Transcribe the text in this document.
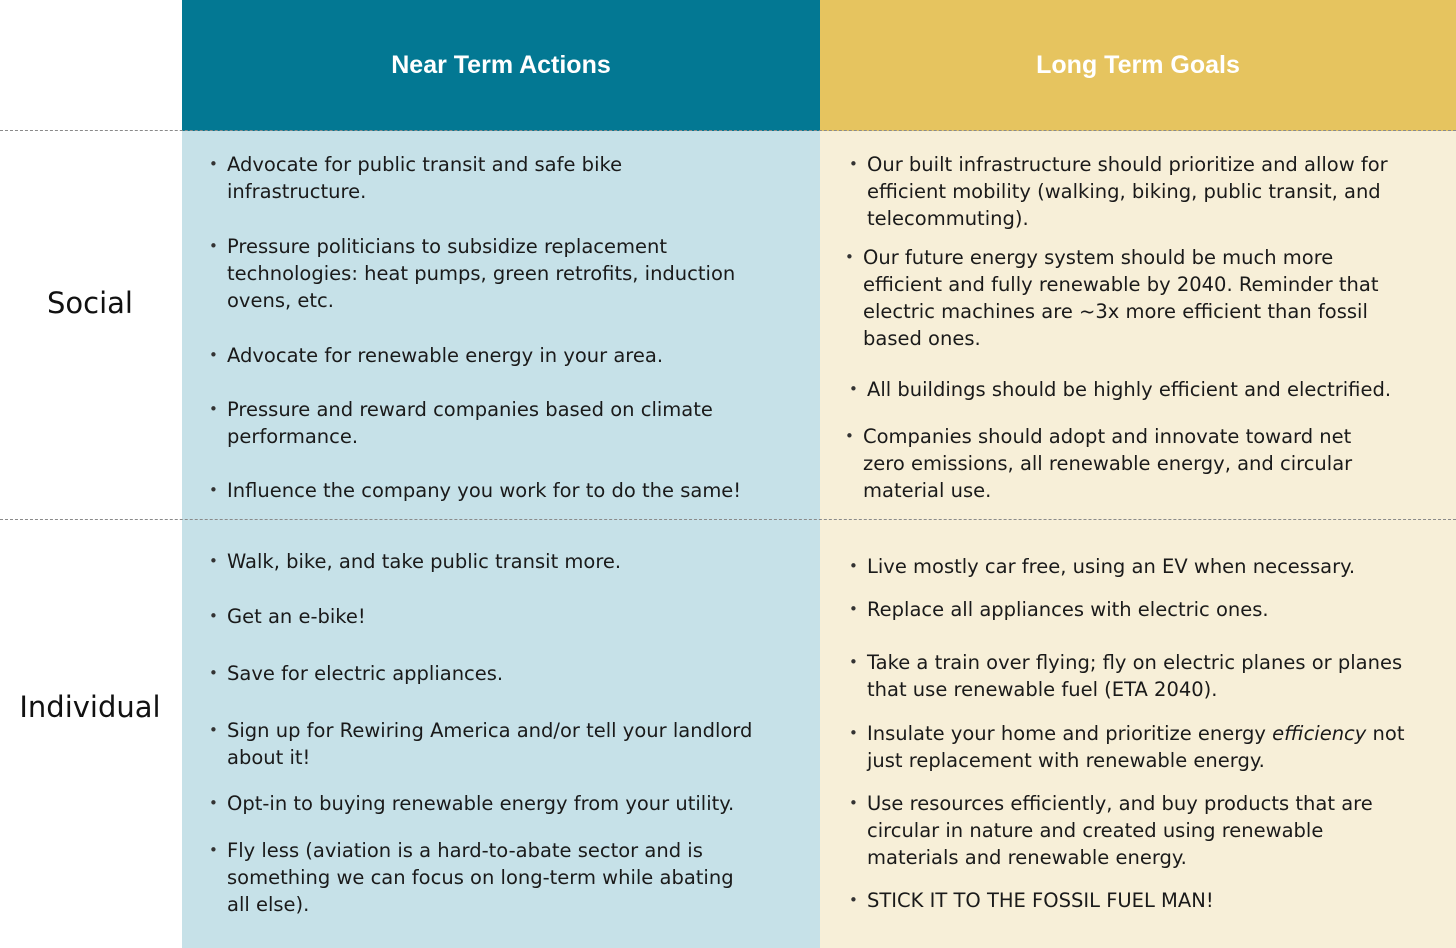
Near Term Actions	Long Term Goals
Social
Individual
• Advocate for public transit and safe bike
infrastructure.
• Pressure politicians to subsidize replacement
technologies: heat pumps, green retrofits, induction
ovens, etc.
• Advocate for renewable energy in your area.
• Pressure and reward companies based on climate
performance.
• Influence the company you work for to do the same!
• Our built infrastructure should prioritize and allow for
efficient mobility (walking, biking, public transit, and
telecommuting).
• Our future energy system should be much more
efficient and fully renewable by 2040. Reminder that
electric machines are ~3x more efficient than fossil
based ones.
• All buildings should be highly efficient and electrified.
• Companies should adopt and innovate toward net
zero emissions, all renewable energy, and circular
material use.
• Walk, bike, and take public transit more.
• Get an e-bike!
• Save for electric appliances.
• Sign up for Rewiring America and/or tell your landlord
about it!
• Opt-in to buying renewable energy from your utility.
• Fly less (aviation is a hard-to-abate sector and is
something we can focus on long-term while abating
all else).
• Live mostly car free, using an EV when necessary.
• Replace all appliances with electric ones.
• Take a train over flying; fly on electric planes or planes
that use renewable fuel (ETA 2040).
• Insulate your home and prioritize energy efficiency not
just replacement with renewable energy.
• Use resources efficiently, and buy products that are
circular in nature and created using renewable
materials and renewable energy.
• STICK IT TO THE FOSSIL FUEL MAN!
